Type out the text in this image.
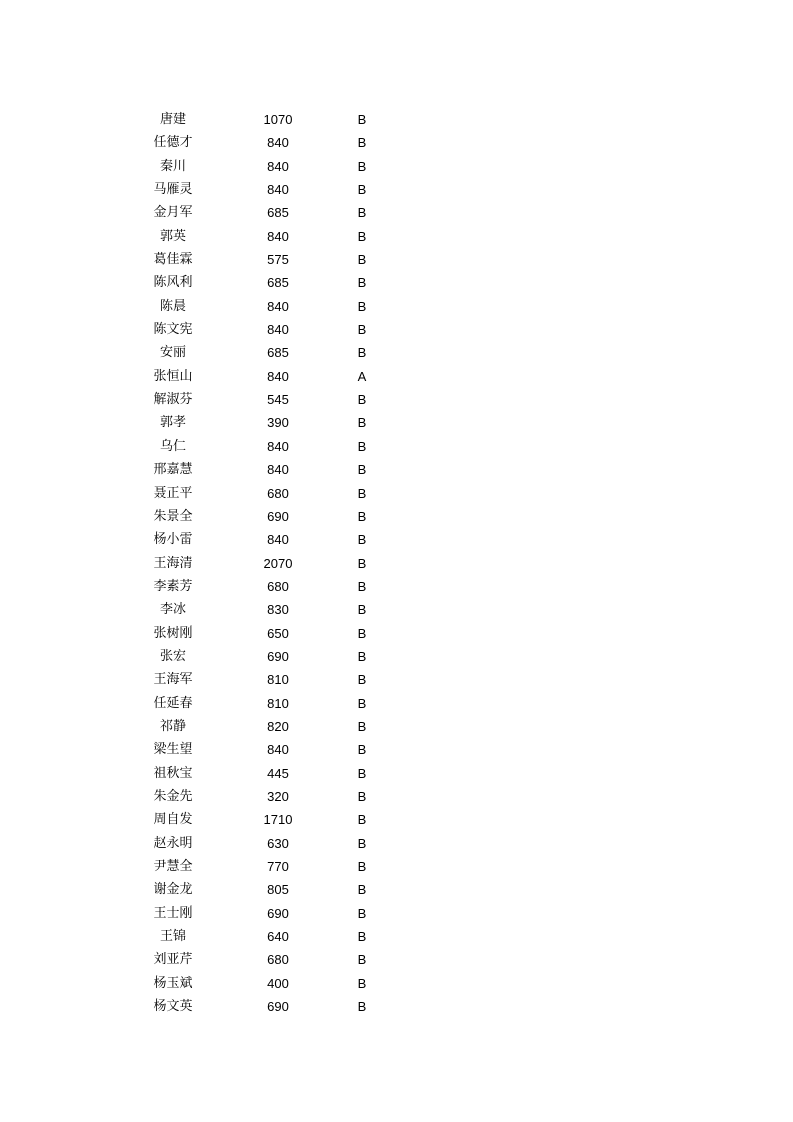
唐建	1070	B
任德才	840	B
秦川	840	B
马雁灵	840	B
金月军	685	B
郭英	840	B
葛佳霖	575	B
陈风利	685	B
陈晨	840	B
陈文宪	840	B
安丽	685	B
张恒山	840	A
解淑芬	545	B
郭孝	390	B
乌仁	840	B
邢嘉慧	840	B
聂正平	680	B
朱景全	690	B
杨小雷	840	B
王海清	2070	B
李素芳	680	B
李冰	830	B
张树刚	650	B
张宏	690	B
王海军	810	B
任延春	810	B
祁静	820	B
梁生望	840	B
祖秋宝	445	B
朱金先	320	B
周自发	1710	B
赵永明	630	B
尹慧全	770	B
谢金龙	805	B
王士刚	690	B
王锦	640	B
刘亚芹	680	B
杨玉斌	400	B
杨文英	690	B
